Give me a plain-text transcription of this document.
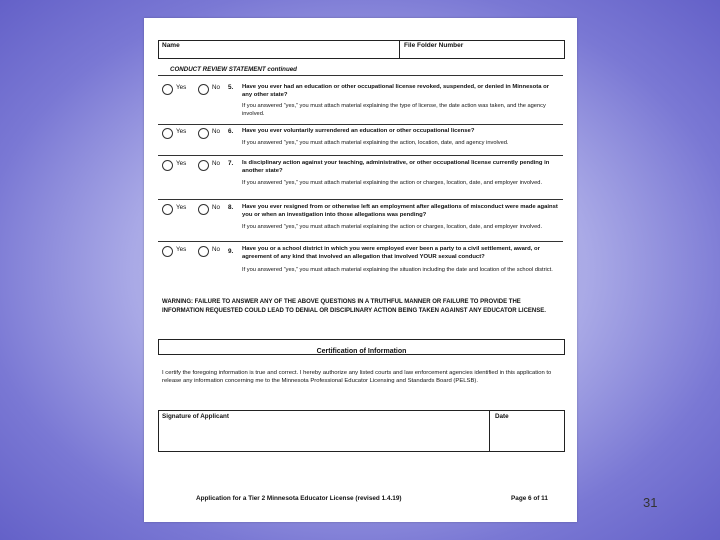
Name	File Folder Number
CONDUCT REVIEW STATEMENT continued
Yes	No 5. Have you ever had an education or other occupational license revoked, suspended, or denied in Minnesota or any other state?
If you answered “yes,” you must attach material explaining the type of license, the date action was taken, and the agency involved.
Yes	No 6. Have you ever voluntarily surrendered an education or other occupational license?
If you answered “yes,” you must attach material explaining the action, location, date, and agency involved.
Yes	No 7. Is disciplinary action against your teaching, administrative, or other occupational license currently pending in another state?
If you answered “yes,” you must attach material explaining the action or charges, location, date, and employer involved.
Yes	No 8. Have you ever resigned from or otherwise left an employment after allegations of misconduct were made against you or when an investigation into those allegations was pending?
If you answered “yes,” you must attach material explaining the action or charges, location, date, and employer involved.
Yes	No 9. Have you or a school district in which you were employed ever been a party to a civil settlement, award, or agreement of any kind that involved an allegation that involved YOUR sexual conduct?
If you answered “yes,” you must attach material explaining the situation including the date and location of the school district.
WARNING: FAILURE TO ANSWER ANY OF THE ABOVE QUESTIONS IN A TRUTHFUL MANNER OR FAILURE TO PROVIDE THE INFORMATION REQUESTED COULD LEAD TO DENIAL OR DISCIPLINARY ACTION BEING TAKEN AGAINST ANY EDUCATOR LICENSE.
Certification of Information
I certify the foregoing information is true and correct. I hereby authorize any listed courts and law enforcement agencies identified in this application to release any information concerning me to the Minnesota Professional Educator Licensing and Standards Board (PELSB).
Signature of Applicant	Date
Application for a Tier 2 Minnesota Educator License (revised 1.4.19)	Page 6 of 11	31
